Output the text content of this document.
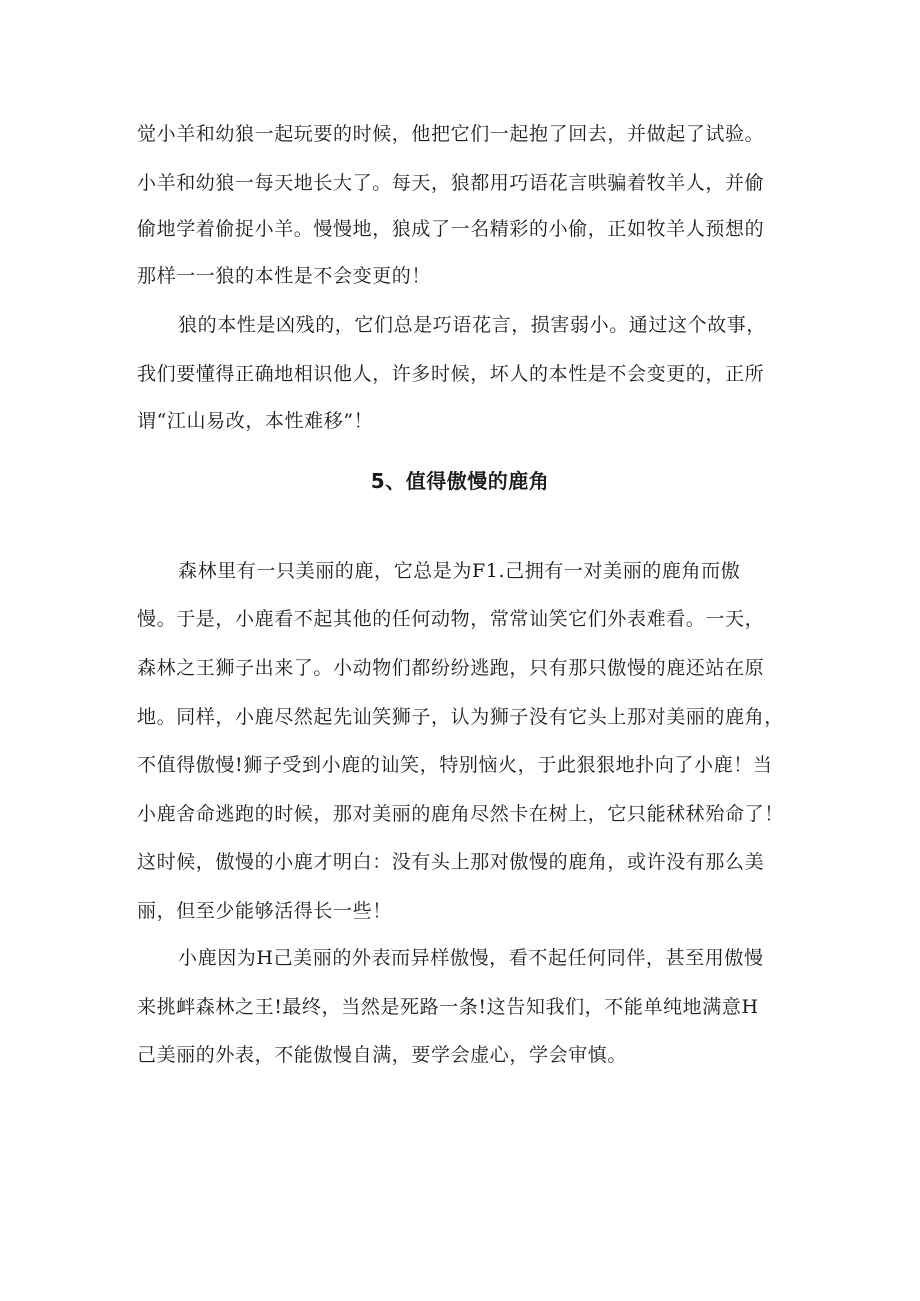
觉小羊和幼狼一起玩要的时候，他把它们一起抱了回去，并做起了试验。
小羊和幼狼一每天地长大了。每天，狼都用巧语花言哄骗着牧羊人，并偷
偷地学着偷捉小羊。慢慢地，狼成了一名精彩的小偷，正如牧羊人预想的
那样一一狼的本性是不会变更的！
狼的本性是凶残的，它们总是巧语花言，损害弱小。通过这个故事，
我们要懂得正确地相识他人，许多时候，坏人的本性是不会变更的，正所
谓“江山易改，本性难移”！
5、值得傲慢的鹿角
森林里有一只美丽的鹿，它总是为F1.己拥有一对美丽的鹿角而傲
慢。于是，小鹿看不起其他的任何动物，常常讪笑它们外表难看。一天，
森林之王狮子出来了。小动物们都纷纷逃跑，只有那只傲慢的鹿还站在原
地。同样，小鹿尽然起先讪笑狮子，认为狮子没有它头上那对美丽的鹿角，
不值得傲慢!狮子受到小鹿的讪笑，特别恼火，于此狠狠地扑向了小鹿！当
小鹿舍命逃跑的时候，那对美丽的鹿角尽然卡在树上，它只能秫秫殆命了！
这时候，傲慢的小鹿才明白：没有头上那对傲慢的鹿角，或许没有那么美
丽，但至少能够活得长一些！
小鹿因为H己美丽的外表而异样傲慢，看不起任何同伴，甚至用傲慢
来挑衅森林之王!最终，当然是死路一条!这告知我们，不能单纯地满意H
己美丽的外表，不能傲慢自满，要学会虚心，学会审慎。
